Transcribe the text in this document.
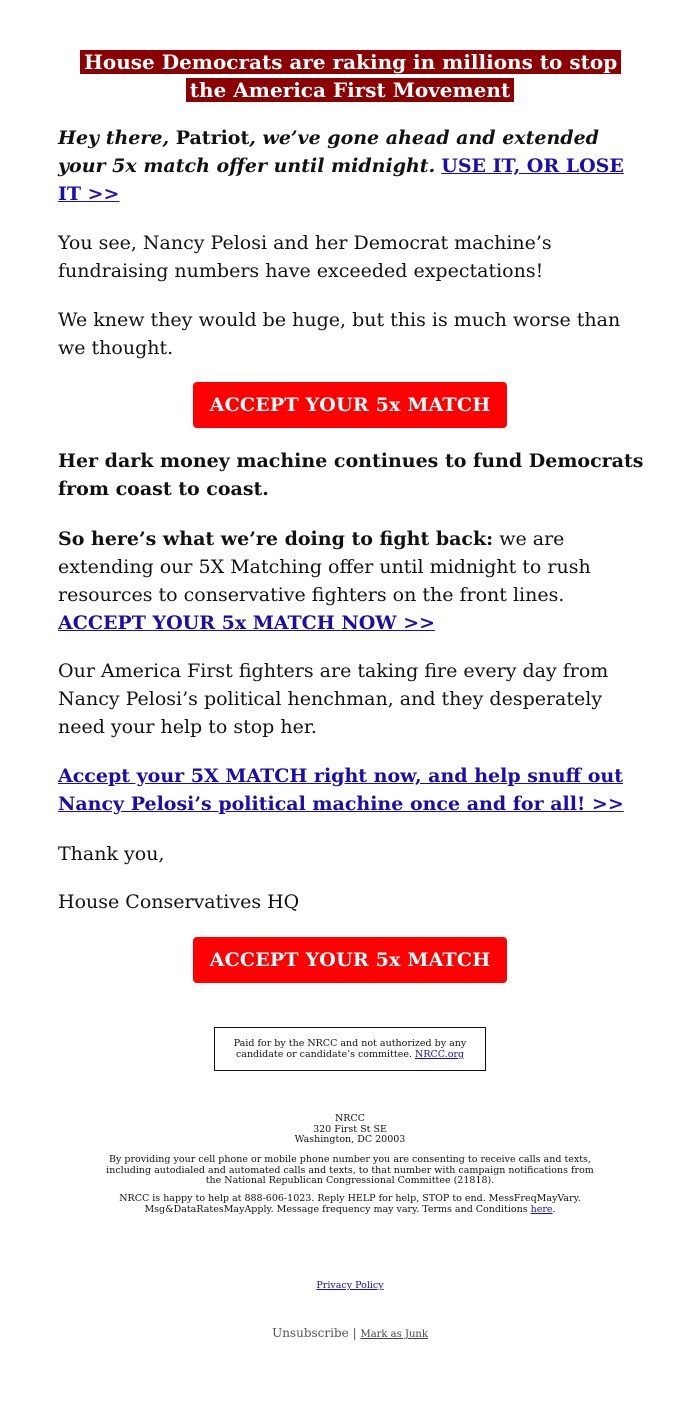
House Democrats are raking in millions to stop the America First Movement

Hey there, Patriot, we’ve gone ahead and extended your 5x match offer until midnight. USE IT, OR LOSE IT >>

You see, Nancy Pelosi and her Democrat machine’s fundraising numbers have exceeded expectations!

We knew they would be huge, but this is much worse than we thought.

ACCEPT YOUR 5x MATCH

Her dark money machine continues to fund Democrats from coast to coast.

So here’s what we’re doing to fight back: we are extending our 5X Matching offer until midnight to rush resources to conservative fighters on the front lines. ACCEPT YOUR 5x MATCH NOW >>

Our America First fighters are taking fire every day from Nancy Pelosi’s political henchman, and they desperately need your help to stop her.

Accept your 5X MATCH right now, and help snuff out Nancy Pelosi’s political machine once and for all! >>

Thank you,

House Conservatives HQ

ACCEPT YOUR 5x MATCH
Paid for by the NRCC and not authorized by any candidate or candidate’s committee. NRCC.org
NRCC
320 First St SE
Washington, DC 20003
By providing your cell phone or mobile phone number you are consenting to receive calls and texts, including autodialed and automated calls and texts, to that number with campaign notifications from the National Republican Congressional Committee (21818).
NRCC is happy to help at 888-606-1023. Reply HELP for help, STOP to end. MessFreqMayVary. Msg&DataRatesMayApply. Message frequency may vary. Terms and Conditions here.
Privacy Policy
Unsubscribe | Mark as Junk
